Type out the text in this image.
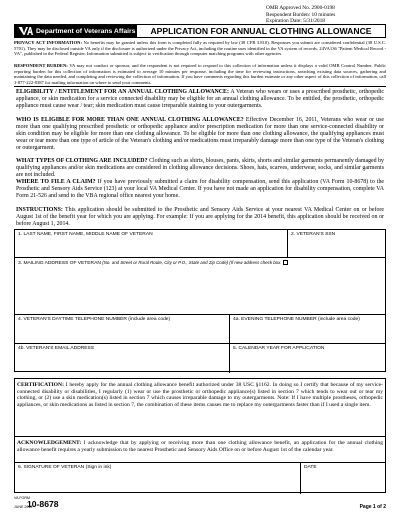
OMB Approved No. 2900-0198
Respondent Burden: 10 minutes
Expiration Date: 5/31/2018
Department of Veterans Affairs	APPLICATION FOR ANNUAL CLOTHING ALLOWANCE
PRIVACY ACT INFORMATION: No benefits may be granted unless this form is completed fully as required by law (38 CFR 3.810). Responses you submit are considered confidential (38 U.S.C. 5701). They may be disclosed outside VA only if the disclosure is authorized under the Privacy Act, including the routine uses identified in the VA system of records, 24VA136 "Patient Medical Record - VA", published in the Federal Register. Information submitted is subject to verification through computer matching programs with other agencies.
RESPONDENT BURDEN: VA may not conduct or sponsor, and the respondent is not required to respond to this collection of information unless it displays a valid OMB Control Number. Public reporting burden for this collection of information is estimated to average 10 minutes per response, including the time for reviewing instructions, searching existing data sources, gathering and maintaining the data needed, and completing and reviewing the collection of information. If you have comments regarding this burden estimate or any other aspect of this collection of information, call 1-877-222-8387 for mailing information on where to send your comments.
ELIGIBILITY / ENTITLEMENT FOR AN ANNUAL CLOTHING ALLOWANCE: A Veteran who wears or uses a prescribed prosthetic, orthopedic appliance, or skin medication for a service connected disability may be eligible for an annual clothing allowance. To be entitled, the prosthetic, orthopedic appliance must cause wear / tear; skin medication must cause irreparable staining to your outergarments.
WHO IS ELIGIBLE FOR MORE THAN ONE ANNUAL CLOTHING ALLOWANCE? Effective December 16, 2011, Veterans who wear or use more than one qualifying prescribed prosthetic or orthopedic appliance and/or prescription medication for more than one service-connected disability or skin condition may be eligible for more than one clothing allowance. To be eligible for more than one clothing allowance, the qualifying appliances must wear or tear more than one type of article of the Veteran's clothing and/or medications must irreparably damage more than one type of the Veteran's clothing or outergarment.
WHAT TYPES OF CLOTHING ARE INCLUDED? Clothing such as shirts, blouses, pants, skirts, shorts and similar garments permanently damaged by qualifying appliances and/or skin medications are considered in clothing allowance decisions. Shoes, hats, scarves, underwear, socks, and similar garments are not included.
WHERE TO FILE A CLAIM? If you have previously submitted a claim for disability compensation, send this application (VA Form 10-8678) to the Prosthetic and Sensory Aids Service (123) at your local VA Medical Center. If you have not made an application for disability compensation, complete VA Form 21-526 and send to the VBA regional office nearest your home.
INSTRUCTIONS: This application should be submitted to the Prosthetic and Sensory Aids Service at your nearest VA Medical Center on or before August 1st of the benefit year for which you are applying. For example: If you are applying for the 2014 benefit, this application should be received on or before August 1, 2014.
1. LAST NAME, FIRST NAME, MIDDLE NAME OF VETERAN	2. VETERAN'S SSN
3. MAILING ADDRESS OF VETERAN (No. and Street or Rural Route, City or P.O., State and Zip Code) (If new address check box.
4. VETERAN'S DAYTIME TELEPHONE NUMBER (include area code)	4a. EVENING TELEPHONE NUMBER (include area code)
4b. VETERAN'S EMAIL ADDRESS	5. CALENDAR YEAR FOR APPLICATION
CERTIFICATION: I hereby apply for the annual clothing allowance benefit authorized under 38 USC §1162. In doing so I certify that because of my service-connected disability or disabilities, I regularly (1) wear or use the prosthetic or orthopedic appliance(s) listed in section 7 which tends to wear out or tear my clothing, or (2) use a skin medication(s) listed in section 7 which causes irreparable damage to my outergarments. Note: If I have multiple prostheses, orthopedic appliances, or skin medications as listed in section 7, the combination of these items causes me to replace my outergarments faster than if I used a single item.
ACKNOWLEDGEMENT: I acknowledge that by applying or receiving more than one clothing allowance benefit, an application for the annual clothing allowance benefit requires a yearly submission to the nearest Prosthetic and Sensory Aids Office on or before August 1st of the calendar year.
6. SIGNATURE OF VETERAN (Sign in ink)	DATE
VA FORM
10-8678
JUNE 2015	Page 1 of 2
